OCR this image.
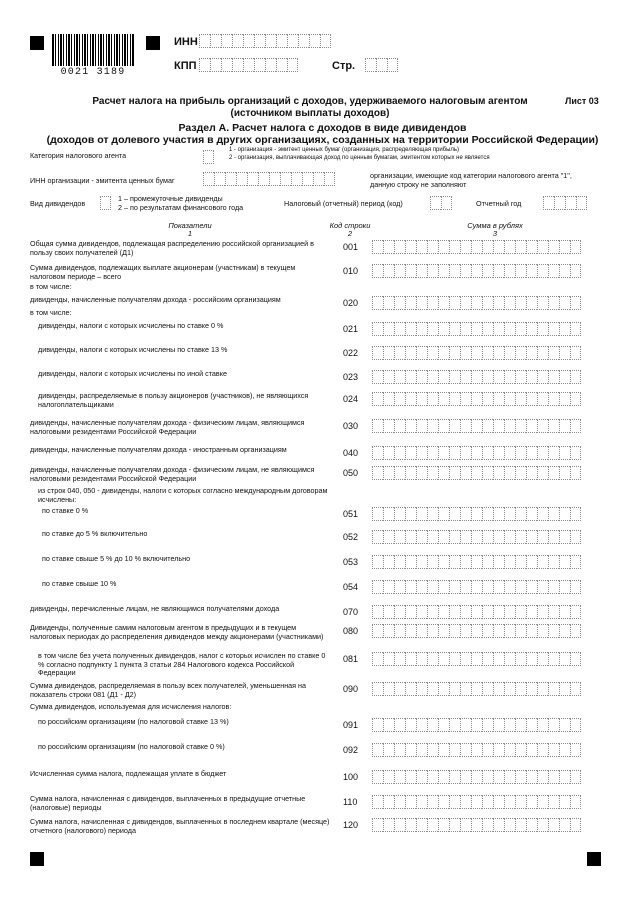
0021 3189
ИНН
КПП	Стр.
Расчет налога на прибыль организаций с доходов, удерживаемого налоговым агентом
(источником выплаты доходов)
Лист 03
Раздел А. Расчет налога с доходов в виде дивидендов
(доходов от долевого участия в других организациях, созданных на территории Российской Федерации)
Категория налогового агента
1 - организация - эмитент ценных бумаг (организация, распределяющая прибыль)
2 - организация, выплачивающая доход по ценным бумагам, эмитентом которых не является
ИНН организации - эмитента ценных бумаг
организации, имеющие код категории налогового агента "1",
данную строку не заполняют
Вид дивидендов
1 – промежуточные дивиденды
2 – по результатам финансового года	Налоговый (отчетный) период (код)	Отчетный год
Показатели
1
Код строки
2
Сумма в рублях
3
Общая сумма дивидендов, подлежащая распределению российской организацией в пользу своих получателей (Д1)
001
Сумма дивидендов, подлежащих выплате акционерам (участникам) в текущем налоговом периоде – всего
010
в том числе:
дивиденды, начисленные получателям дохода - российским организациям	020
в том числе:
дивиденды, налоги с которых исчислены по ставке 0 %	021
дивиденды, налоги с которых исчислены по ставке 13 %	022
дивиденды, налоги с которых исчислены по иной ставке	023
дивиденды, распределяемые в пользу акционеров (участников), не являющихся налогоплательщиками
024
дивиденды, начисленные получателям дохода - физическим лицам, являющимся налоговыми резидентами Российской Федерации
030
дивиденды, начисленные получателям дохода - иностранным организациям	040
дивиденды, начисленные получателям дохода - физическим лицам, не являющимся налоговыми резидентами Российской Федерации
050
из строк 040, 050 - дивиденды, налоги с которых согласно международным договорам исчислены:
по ставке 0 %	051
по ставке до 5 % включительно	052
по ставке свыше 5 % до 10 % включительно	053
по ставке свыше 10 %	054
дивиденды, перечисленные лицам, не являющимся получателями дохода	070
Дивиденды, полученные самим налоговым агентом в предыдущих и в текущем налоговых периодах до распределения дивидендов между акционерами (участниками)
080
в том числе без учета полученных дивидендов, налог с которых исчислен по ставке 0 % согласно подпункту 1 пункта 3 статьи 284 Налогового кодекса Российской Федерации
081
Сумма дивидендов, распределяемая в пользу всех получателей, уменьшенная на показатель строки 081 (Д1 - Д2)
090
Сумма дивидендов, используемая для исчисления налогов:
по российским организациям (по налоговой ставке 13 %)	091
по российским организациям (по налоговой ставке 0 %)	092
Исчисленная сумма налога, подлежащая уплате в бюджет	100
Сумма налога, начисленная с дивидендов, выплаченных в предыдущие отчетные (налоговые) периоды
110
Сумма налога, начисленная с дивидендов, выплаченных в последнем квартале (месяце) отчетного (налогового) периода
120
